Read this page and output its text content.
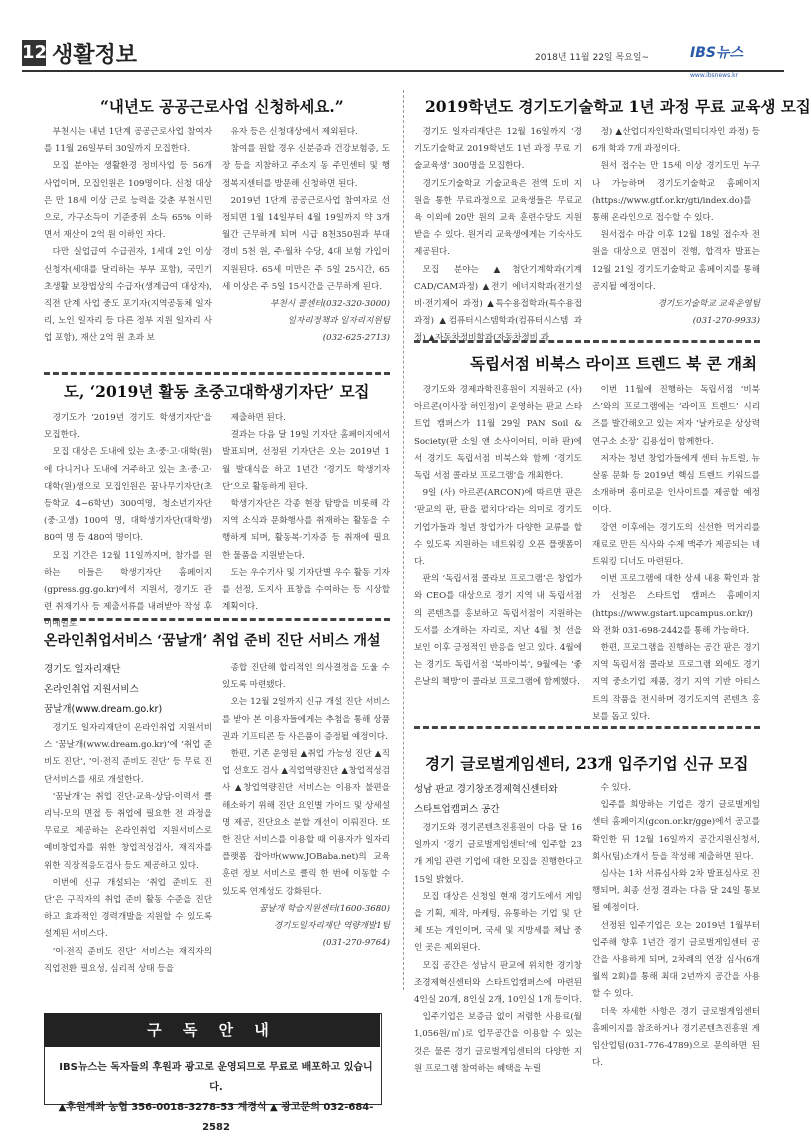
12 생활정보	2018년 11월 22일 목요일~	IBS뉴스
www.ibsnews.kr
“내년도 공공근로사업 신청하세요.”

부천시는 내년 1단계 공공근로사업 참여자를 11월 26일부터 30일까지 모집한다.

모집 분야는 생활환경 정비사업 등 56개 사업이며, 모집인원은 109명이다. 신청 대상은 만 18세 이상 근로 능력을 갖춘 부천시민으로, 가구소득이 기준중위 소득 65% 이하면서 재산이 2억 원 이하인 자다.

다만 실업급여 수급권자, 1세대 2인 이상 신청자(세대를 달리하는 부부 포함), 국민기초생활 보장법상의 수급자(생계급여 대상자), 직전 단계 사업 중도 포기자(지역공동체 일자리, 노인 일자리 등 다른 정부 지원 일자리 사업 포함), 재산 2억 원 초과 보

유자 등은 신청대상에서 제외된다.

참여를 원할 경우 신분증과 건강보험증, 도장 등을 지참하고 주소지 동 주민센터 및 행정복지센터를 방문해 신청하면 된다.

2019년 1단계 공공근로사업 참여자로 선정되면 1월 14일부터 4월 19일까지 약 3개월간 근무하게 되며 시급 8천350원과 부대 경비 5천 원, 주·월차 수당, 4대 보험 가입이 지원된다. 65세 미만은 주 5일 25시간, 65세 이상은 주 5일 15시간을 근무하게 된다.

부천시 콜센터(032-320-3000)

일자리정책과 일자리지원팀

(032-625-2713)

도, ‘2019년 활동 초중고대학생기자단’ 모집

경기도가 ‘2019년 경기도 학생기자단’을 모집한다.

모집 대상은 도내에 있는 초·중·고·대학(원)에 다니거나 도내에 거주하고 있는 초·중·고·대학(원)생으로 모집인원은 꿈나무기자단(초등학교 4~6학년) 300여명, 청소년기자단(중·고생) 100여 명, 대학생기자단(대학생) 80여 명 등 480여 명이다.

모집 기간은 12월 11일까지며, 참가를 원하는 이들은 학생기자단 홈페이지(gpress.gg.go.kr)에서 지원서, 경기도 관련 취재기사 등 제출서류를 내려받아 작성 후 이메일로

제출하면 된다.

결과는 다음 달 19일 기자단 홈페이지에서 발표되며, 선정된 기자단은 오는 2019년 1월 발대식을 하고 1년간 ‘경기도 학생기자단’으로 활동하게 된다.

학생기자단은 각종 현장 탐방을 비롯해 각 지역 소식과 문화행사를 취재하는 활동을 수행하게 되며, 활동복·기자증 등 취재에 필요한 물품을 지원받는다.

도는 우수기사 및 기자단별 우수 활동 기자를 선정, 도지사 표창을 수여하는 등 시상할 계획이다.

온라인취업서비스 ‘꿈날개’ 취업 준비 진단 서비스 개설

경기도 일자리재단

온라인취업 지원서비스

꿈날개(www.dream.go.kr)

경기도 일자리재단이 온라인취업 지원서비스 ‘꿈날개(www.dream.go.kr)’에 ‘취업 준비도 진단’, ‘이·전직 준비도 진단’ 등 무료 진단서비스를 새로 개설한다.

‘꿈날개’는 취업 진단-교육-상담-이력서 클리닉-모의 면접 등 취업에 필요한 전 과정을 무료로 제공하는 온라인취업 지원서비스로 예비창업자를 위한 창업적성검사, 재직자를 위한 직장적응도검사 등도 제공하고 있다.

이번에 신규 개설되는 ‘취업 준비도 진단’은 구직자의 취업 준비 활동 수준을 진단하고 효과적인 경력개발을 지원할 수 있도록 설계된 서비스다.

‘이·전직 준비도 진단’ 서비스는 재직자의 직업전환 필요성, 심리적 상태 등을

종합 진단해 합리적인 의사결정을 도울 수 있도록 마련됐다.

오는 12월 2일까지 신규 개설 진단 서비스를 받아 본 이용자들에게는 추첨을 통해 상품권과 기프티콘 등 사은품이 증정될 예정이다.

한편, 기존 운영된 ▲취업 가능성 진단 ▲직업 선호도 검사 ▲직업역량진단 ▲창업적성검사 ▲창업역량진단 서비스는 이용자 불편을 해소하기 위해 진단 요인별 가이드 및 상세설명 제공, 진단요소 분할 개선이 이뤄진다. 또한 진단 서비스를 이용할 때 이용자가 일자리 플랫폼 잡아바(www.JOBaba.net)의 교육 훈련 정보 서비스로 클릭 한 번에 이동할 수 있도록 연계성도 강화된다.

꿈날개 학습지원센터(1600-3680)

경기도일자리재단 역량개발1팀

(031-270-9764)

구 독 안 내
IBS뉴스는 독자들의 후원과 광고로 운영되므로 무료로 배포하고 있습니다.
▲후원계좌 농협 356-0018-3278-53 계경식 ▲ 광고문의 032-684-2582
2019학년도 경기도기술학교 1년 과정 무료 교육생 모집

경기도 일자리재단은 12월 16일까지 ‘경기도기술학교 2019학년도 1년 과정 무료 기술교육생’ 300명을 모집한다.

경기도기술학교 기술교육은 전액 도비 지원을 통한 무료과정으로 교육생들은 무료교육 이외에 20만 원의 교육 훈련수당도 지원받을 수 있다. 원거리 교육생에게는 기숙사도 제공된다.

모집 분야는 ▲첨단기계학과(기계 CAD/CAM과정) ▲전기 에너지학과(전기설비·전기제어 과정) ▲특수용접학과(특수용접 과정) ▲컴퓨터시스템학과(컴퓨터시스템 과정) ▲자동차정비학과(자동차정비 과

정) ▲산업디자인학과(멀티디자인 과정) 등 6개 학과 7개 과정이다.

원서 접수는 만 15세 이상 경기도민 누구나 가능하며 경기도기술학교 홈페이지(https://www.gtf.or.kr/gti/index.do)를 통해 온라인으로 접수할 수 있다.

원서접수 마감 이후 12월 18일 접수자 전원을 대상으로 면접이 진행, 합격자 발표는 12월 21일 경기도기술학교 홈페이지를 통해 공지될 예정이다.

경기도기술학교 교육운영팀

(031-270-9933)

독립서점 비북스 라이프 트렌드 북 콘 개최

경기도와 경제과학진흥원이 지원하고 (사) 아르콘(이사장 허인정)이 운영하는 판교 스타트업 캠퍼스가 11월 29일 PAN Soil & Society(판 소일 앤 소사이어티, 이하 판)에서 경기도 독립서점 비북스와 함께 ‘경기도 독립 서점 콜라보 프로그램’을 개최한다.

9일 (사) 아르콘(ARCON)에 따르면 판은 ‘판교의 판, 판을 펼치다’라는 의미로 경기도 기업가들과 청년 창업가가 다양한 교류를 할 수 있도록 지원하는 네트워킹 오픈 플랫폼이다.

판의 ‘독립서점 콜라보 프로그램’은 창업가와 CEO를 대상으로 경기 지역 내 독립서점의 콘텐츠를 홍보하고 독립서점이 지원하는 도서를 소개하는 자리로, 지난 4월 첫 선을 보인 이후 긍정적인 반응을 얻고 있다. 4월에는 경기도 독립서점 ‘북바이북’, 9월에는 ‘좋은날의 책방’이 콜라보 프로그램에 함께했다.

이번 11월에 진행하는 독립서점 ‘비북스’와의 프로그램에는 ‘라이프 트렌드’ 시리즈를 발간해오고 있는 저자 ‘날카로운 상상력 연구소 소장’ 김용섭이 함께한다.

저자는 청년 창업가들에게 센터 뉴트럴, 뉴 살롱 문화 등 2019년 핵심 트렌드 키워드를 소개하며 흥미로운 인사이트를 제공할 예정이다.

강연 이후에는 경기도의 신선한 먹거리를 재료로 만든 식사와 수제 맥주가 제공되는 네트워킹 디너도 마련된다.

이번 프로그램에 대한 상세 내용 확인과 참가 신청은 스타트업 캠퍼스 홈페이지(https://www.gstart.upcampus.or.kr/)와 전화 031-698-2442를 통해 가능하다.

한편, 프로그램을 진행하는 공간 판은 경기 지역 독립서점 콜라보 프로그램 외에도 경기 지역 중소기업 제품, 경기 지역 기반 아티스트의 작품을 전시하며 경기도지역 콘텐츠 홍보를 돕고 있다.

경기 글로벌게임센터, 23개 입주기업 신규 모집

성남 판교 경기창조경제혁신센터와

스타트업캠퍼스 공간

경기도와 경기콘텐츠진흥원이 다음 달 16일까지 ‘경기 글로벌게임센터’에 입주할 23개 게임 관련 기업에 대한 모집을 진행한다고 15일 밝혔다.

모집 대상은 신청일 현재 경기도에서 게임을 기획, 제작, 마케팅, 유통하는 기업 및 단체 또는 개인이며, 국세 및 지방세를 체납 중인 곳은 제외된다.

모집 공간은 성남시 판교에 위치한 경기창조경제혁신센터와 스타트업캠퍼스에 마련된 4인실 20개, 8인실 2개, 10인실 1개 등이다.

입주기업은 보증금 없이 저렴한 사용료(월 1,056원/㎡)로 업무공간을 이용할 수 있는 것은 물론 경기 글로벌게임센터의 다양한 지원 프로그램 참여하는 혜택을 누릴

수 있다.

입주를 희망하는 기업은 경기 글로벌게임센터 홈페이지(gcon.or.kr/gge)에서 공고를 확인한 뒤 12월 16일까지 공간지원신청서, 회사(팀)소개서 등을 작성해 제출하면 된다.

심사는 1차 서류심사와 2차 발표심사로 진행되며, 최종 선정 결과는 다음 달 24일 통보될 예정이다.

선정된 입주기업은 오는 2019년 1월부터 입주해 향후 1년간 경기 글로벌게임센터 공간을 사용하게 되며, 2차례의 연장 심사(6개월씩 2회)를 통해 최대 2년까지 공간을 사용할 수 있다.

더욱 자세한 사항은 경기 글로벌게임센터 홈페이지를 참조하거나 경기콘텐츠진흥원 게임산업팀(031-776-4789)으로 문의하면 된다.
